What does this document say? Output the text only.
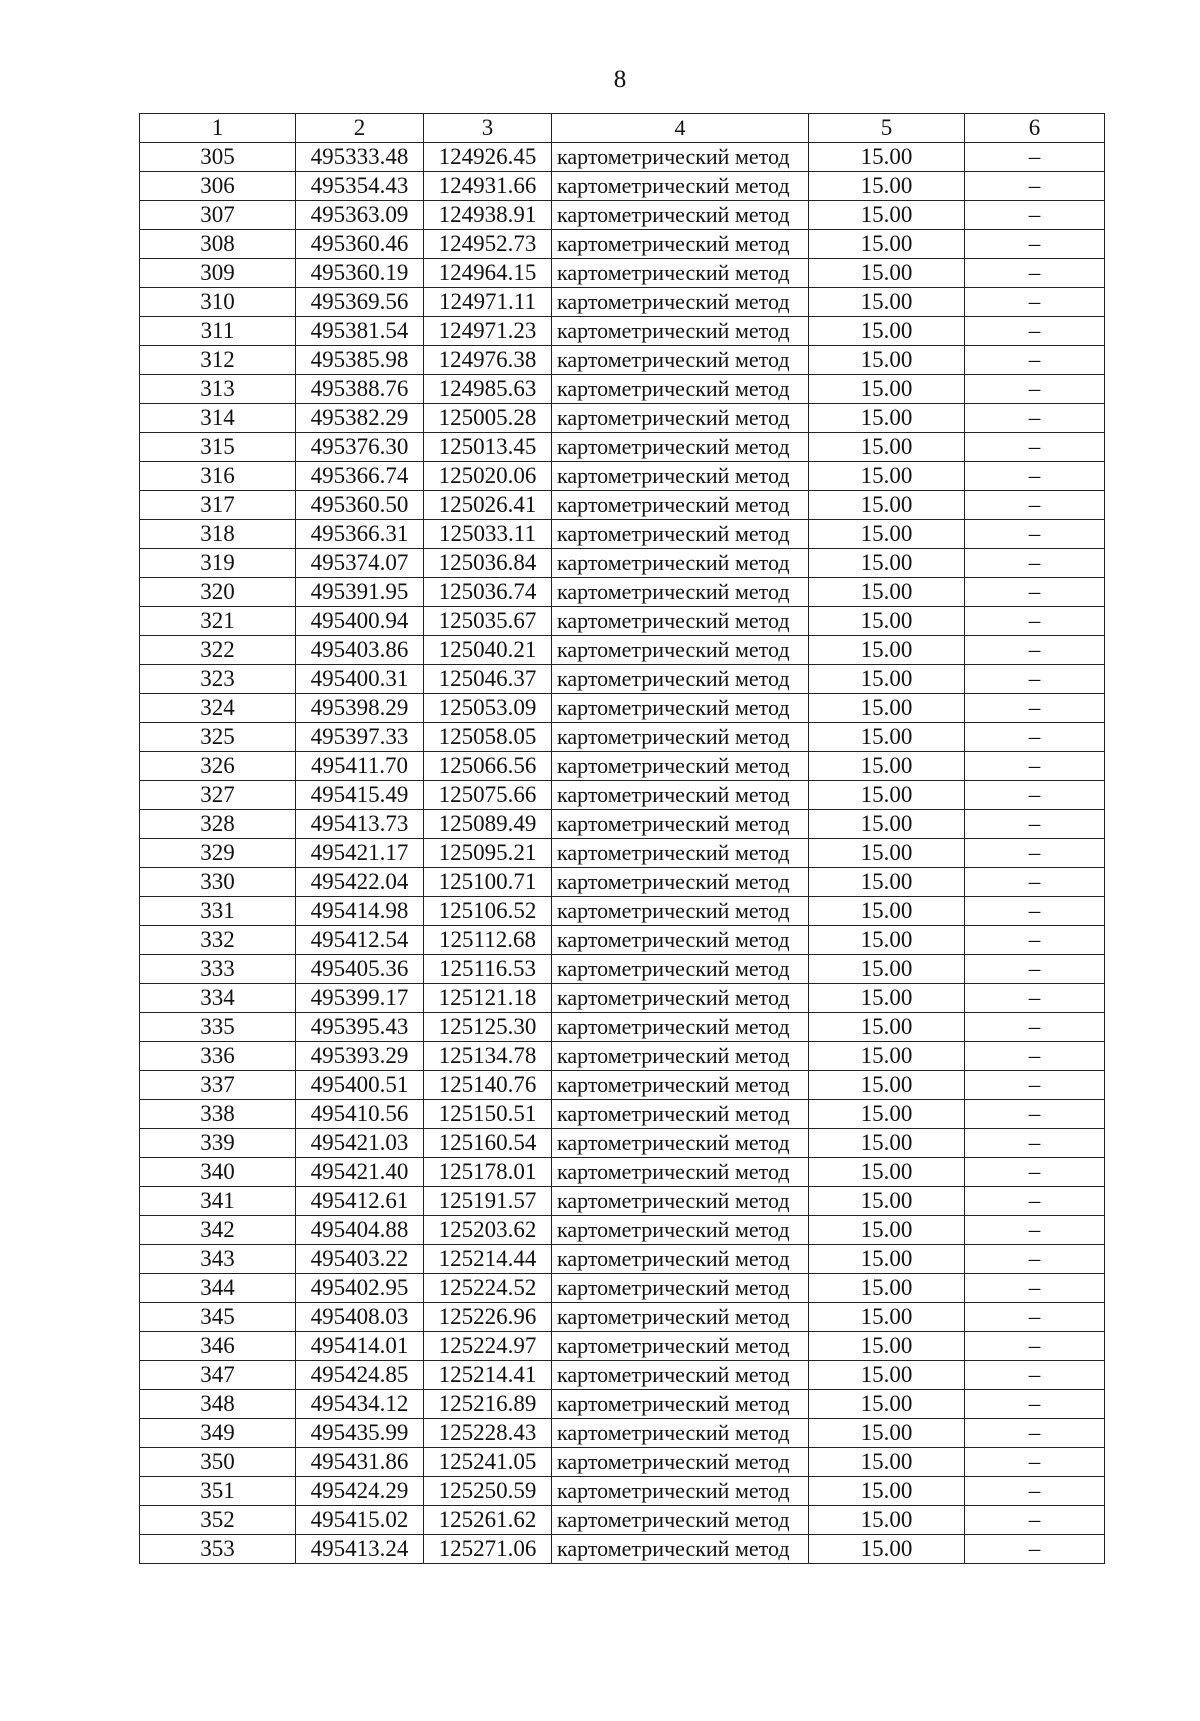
8
1	2	3	4	5	6
305	495333.48	124926.45	картометрический метод	15.00	–
306	495354.43	124931.66	картометрический метод	15.00	–
307	495363.09	124938.91	картометрический метод	15.00	–
308	495360.46	124952.73	картометрический метод	15.00	–
309	495360.19	124964.15	картометрический метод	15.00	–
310	495369.56	124971.11	картометрический метод	15.00	–
311	495381.54	124971.23	картометрический метод	15.00	–
312	495385.98	124976.38	картометрический метод	15.00	–
313	495388.76	124985.63	картометрический метод	15.00	–
314	495382.29	125005.28	картометрический метод	15.00	–
315	495376.30	125013.45	картометрический метод	15.00	–
316	495366.74	125020.06	картометрический метод	15.00	–
317	495360.50	125026.41	картометрический метод	15.00	–
318	495366.31	125033.11	картометрический метод	15.00	–
319	495374.07	125036.84	картометрический метод	15.00	–
320	495391.95	125036.74	картометрический метод	15.00	–
321	495400.94	125035.67	картометрический метод	15.00	–
322	495403.86	125040.21	картометрический метод	15.00	–
323	495400.31	125046.37	картометрический метод	15.00	–
324	495398.29	125053.09	картометрический метод	15.00	–
325	495397.33	125058.05	картометрический метод	15.00	–
326	495411.70	125066.56	картометрический метод	15.00	–
327	495415.49	125075.66	картометрический метод	15.00	–
328	495413.73	125089.49	картометрический метод	15.00	–
329	495421.17	125095.21	картометрический метод	15.00	–
330	495422.04	125100.71	картометрический метод	15.00	–
331	495414.98	125106.52	картометрический метод	15.00	–
332	495412.54	125112.68	картометрический метод	15.00	–
333	495405.36	125116.53	картометрический метод	15.00	–
334	495399.17	125121.18	картометрический метод	15.00	–
335	495395.43	125125.30	картометрический метод	15.00	–
336	495393.29	125134.78	картометрический метод	15.00	–
337	495400.51	125140.76	картометрический метод	15.00	–
338	495410.56	125150.51	картометрический метод	15.00	–
339	495421.03	125160.54	картометрический метод	15.00	–
340	495421.40	125178.01	картометрический метод	15.00	–
341	495412.61	125191.57	картометрический метод	15.00	–
342	495404.88	125203.62	картометрический метод	15.00	–
343	495403.22	125214.44	картометрический метод	15.00	–
344	495402.95	125224.52	картометрический метод	15.00	–
345	495408.03	125226.96	картометрический метод	15.00	–
346	495414.01	125224.97	картометрический метод	15.00	–
347	495424.85	125214.41	картометрический метод	15.00	–
348	495434.12	125216.89	картометрический метод	15.00	–
349	495435.99	125228.43	картометрический метод	15.00	–
350	495431.86	125241.05	картометрический метод	15.00	–
351	495424.29	125250.59	картометрический метод	15.00	–
352	495415.02	125261.62	картометрический метод	15.00	–
353	495413.24	125271.06	картометрический метод	15.00	–
